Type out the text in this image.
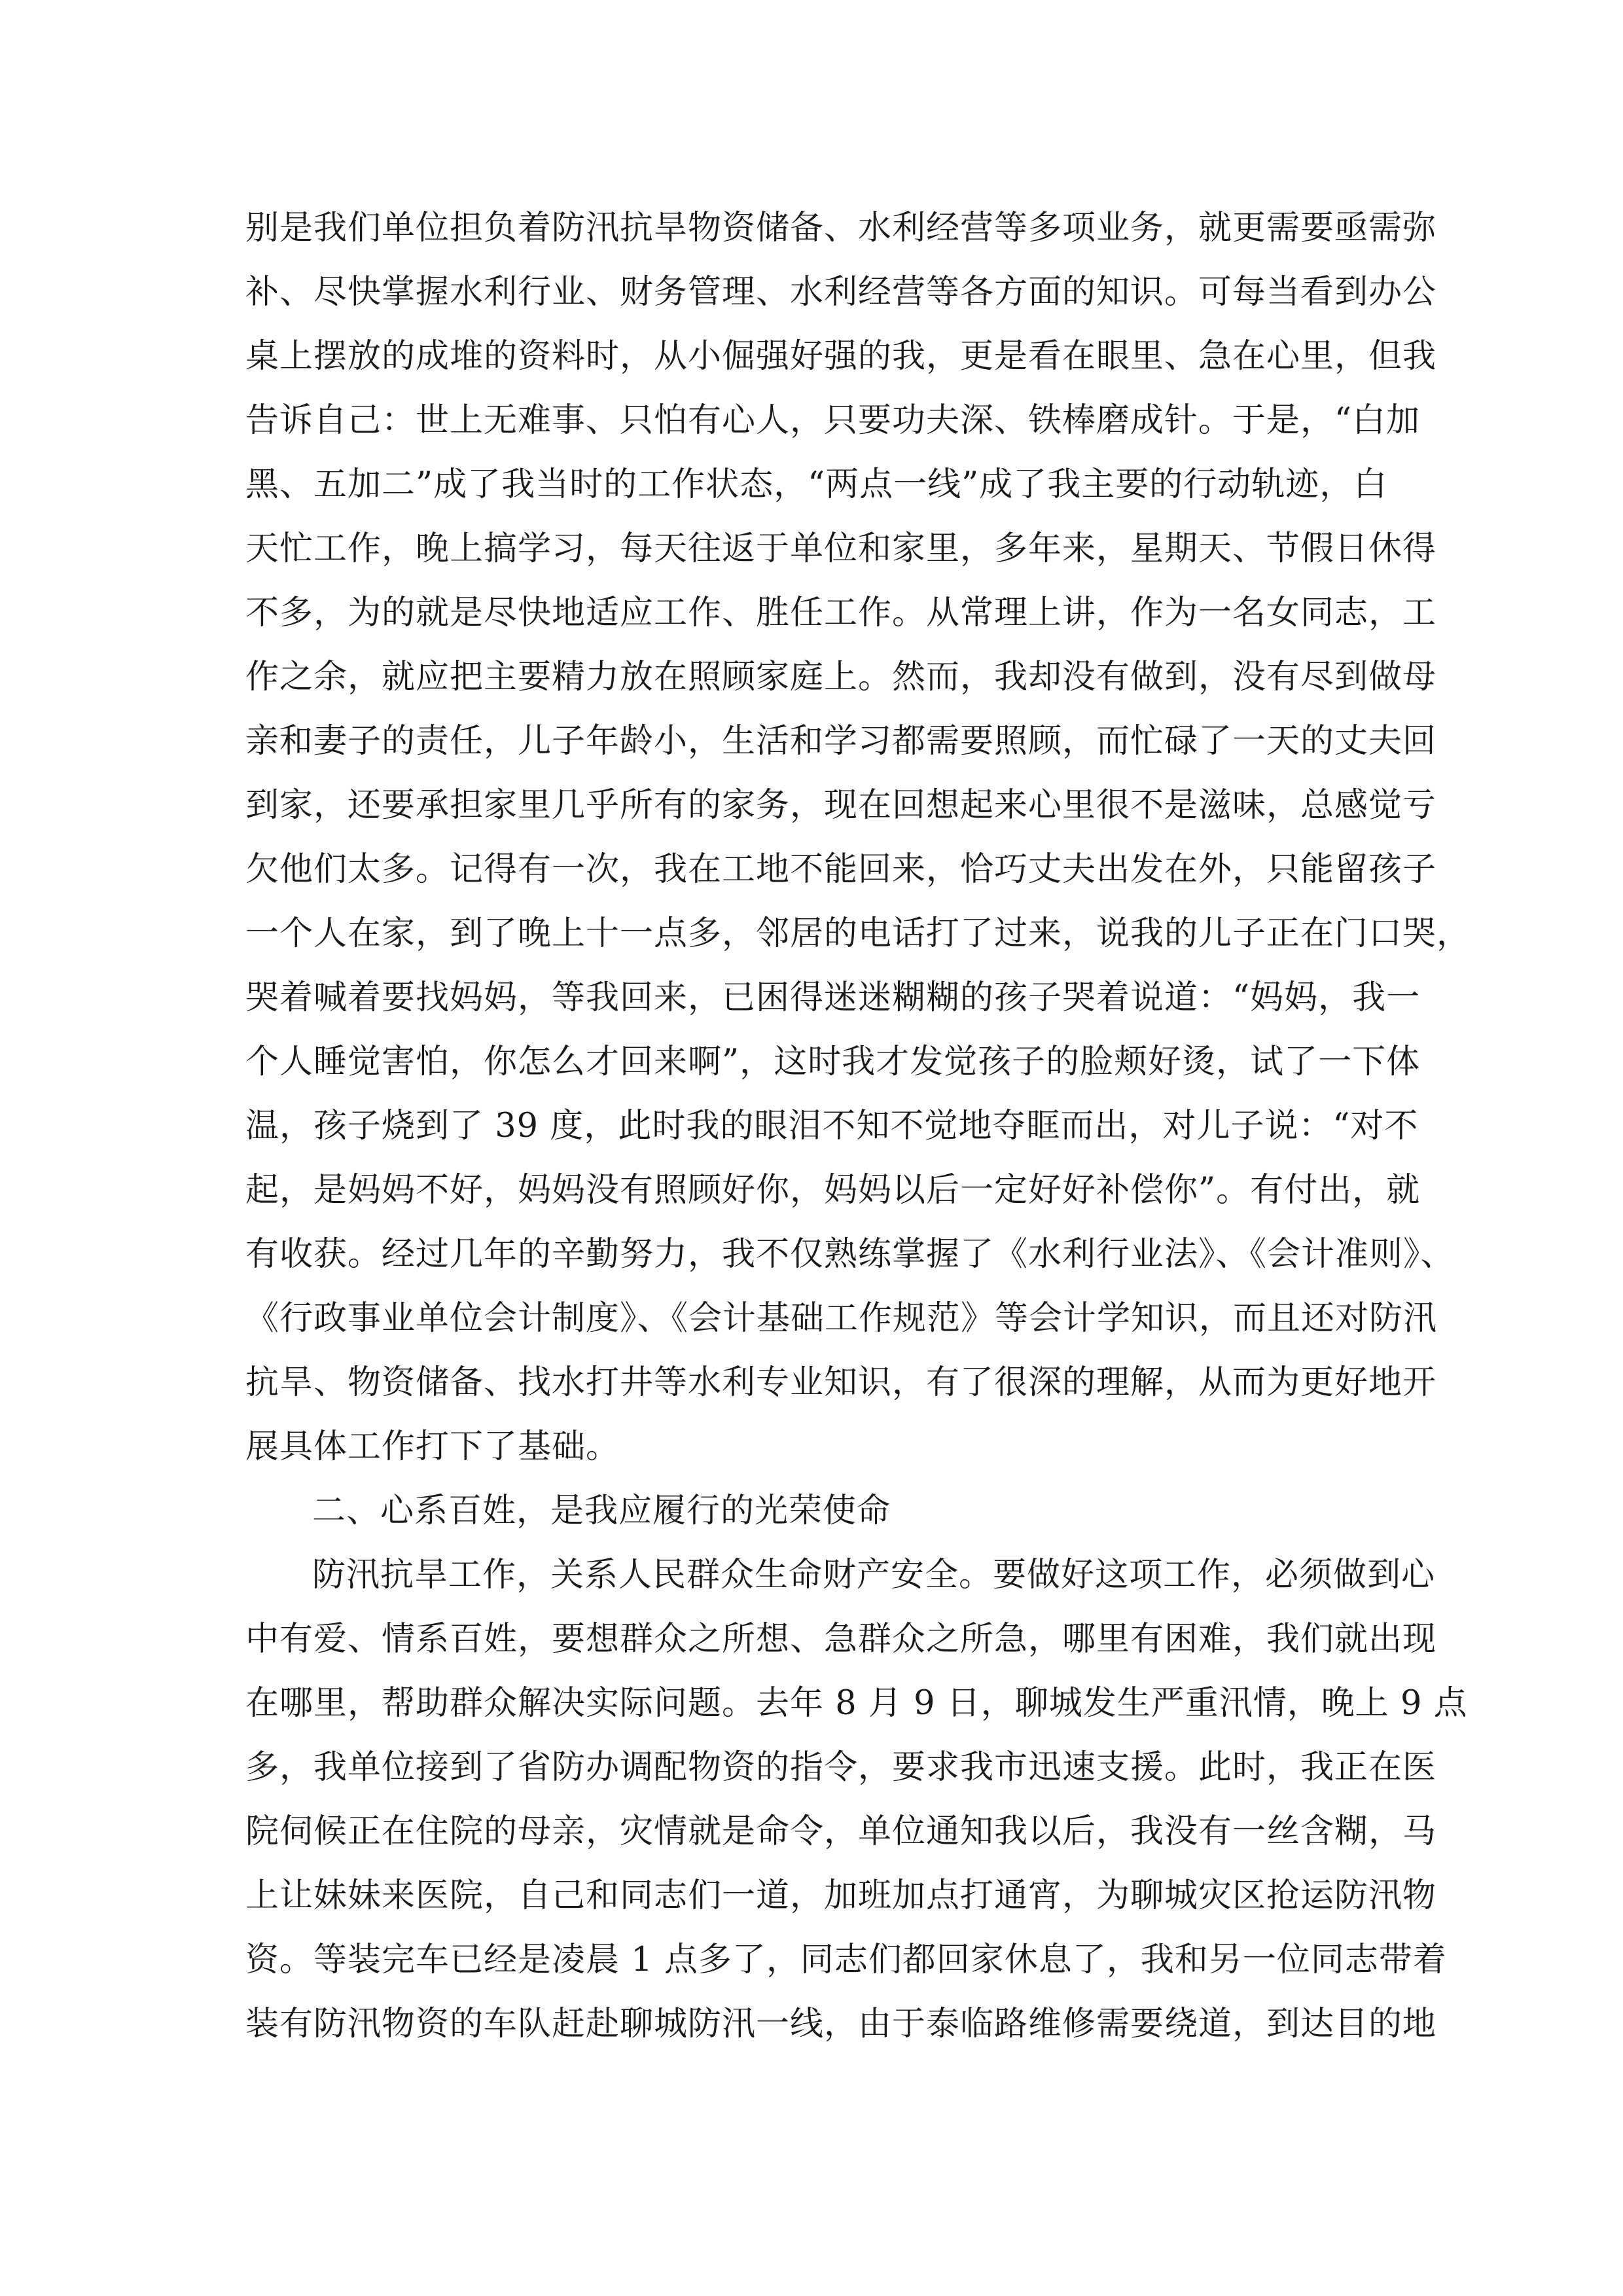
别是我们单位担负着防汛抗旱物资储备、水利经营等多项业务，就更需要亟需弥
补、尽快掌握水利行业、财务管理、水利经营等各方面的知识。可每当看到办公
桌上摆放的成堆的资料时，从小倔强好强的我，更是看在眼里、急在心里，但我
告诉自己：世上无难事、只怕有心人，只要功夫深、铁棒磨成针。于是，“白加
黑、五加二”成了我当时的工作状态，“两点一线”成了我主要的行动轨迹，白
天忙工作，晚上搞学习，每天往返于单位和家里，多年来，星期天、节假日休得
不多，为的就是尽快地适应工作、胜任工作。从常理上讲，作为一名女同志，工
作之余，就应把主要精力放在照顾家庭上。然而，我却没有做到，没有尽到做母
亲和妻子的责任，儿子年龄小，生活和学习都需要照顾，而忙碌了一天的丈夫回
到家，还要承担家里几乎所有的家务，现在回想起来心里很不是滋味，总感觉亏
欠他们太多。记得有一次，我在工地不能回来，恰巧丈夫出发在外，只能留孩子
一个人在家，到了晚上十一点多，邻居的电话打了过来，说我的儿子正在门口哭，
哭着喊着要找妈妈，等我回来，已困得迷迷糊糊的孩子哭着说道：“妈妈，我一
个人睡觉害怕，你怎么才回来啊”，这时我才发觉孩子的脸颊好烫，试了一下体
温，孩子烧到了 39 度，此时我的眼泪不知不觉地夺眶而出，对儿子说：“对不
起，是妈妈不好，妈妈没有照顾好你，妈妈以后一定好好补偿你”。有付出，就
有收获。经过几年的辛勤努力，我不仅熟练掌握了《水利行业法》、《会计准则》、
《行政事业单位会计制度》、《会计基础工作规范》等会计学知识，而且还对防汛
抗旱、物资储备、找水打井等水利专业知识，有了很深的理解，从而为更好地开
展具体工作打下了基础。
二、心系百姓，是我应履行的光荣使命
防汛抗旱工作，关系人民群众生命财产安全。要做好这项工作，必须做到心
中有爱、情系百姓，要想群众之所想、急群众之所急，哪里有困难，我们就出现
在哪里，帮助群众解决实际问题。去年 8 月 9 日，聊城发生严重汛情，晚上 9 点
多，我单位接到了省防办调配物资的指令，要求我市迅速支援。此时，我正在医
院伺候正在住院的母亲，灾情就是命令，单位通知我以后，我没有一丝含糊，马
上让妹妹来医院，自己和同志们一道，加班加点打通宵，为聊城灾区抢运防汛物
资。等装完车已经是凌晨 1 点多了，同志们都回家休息了，我和另一位同志带着
装有防汛物资的车队赶赴聊城防汛一线，由于泰临路维修需要绕道，到达目的地
